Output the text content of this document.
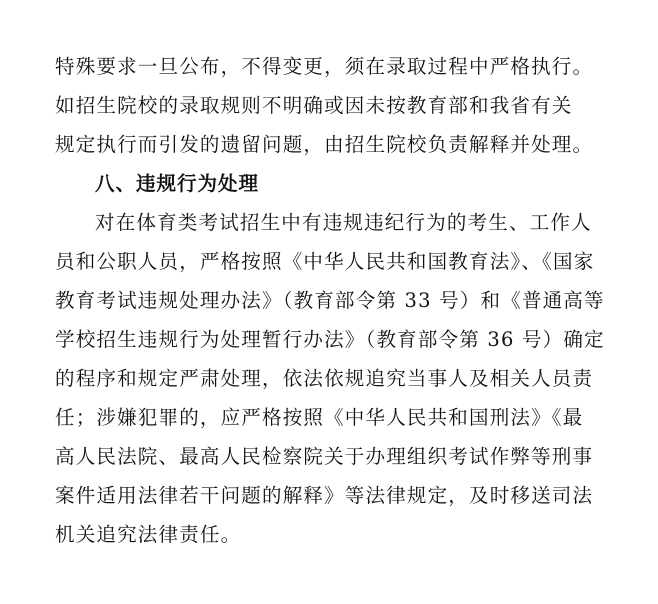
特殊要求一旦公布，不得变更，须在录取过程中严格执行。
如招生院校的录取规则不明确或因未按教育部和我省有关
规定执行而引发的遗留问题，由招生院校负责解释并处理。
八、违规行为处理
对在体育类考试招生中有违规违纪行为的考生、工作人
员和公职人员，严格按照《中华人民共和国教育法》、《国家
教育考试违规处理办法》（教育部令第 33 号）和《普通高等
学校招生违规行为处理暂行办法》（教育部令第 36 号）确定
的程序和规定严肃处理，依法依规追究当事人及相关人员责
任；涉嫌犯罪的，应严格按照《中华人民共和国刑法》《最
高人民法院、最高人民检察院关于办理组织考试作弊等刑事
案件适用法律若干问题的解释》等法律规定，及时移送司法
机关追究法律责任。
